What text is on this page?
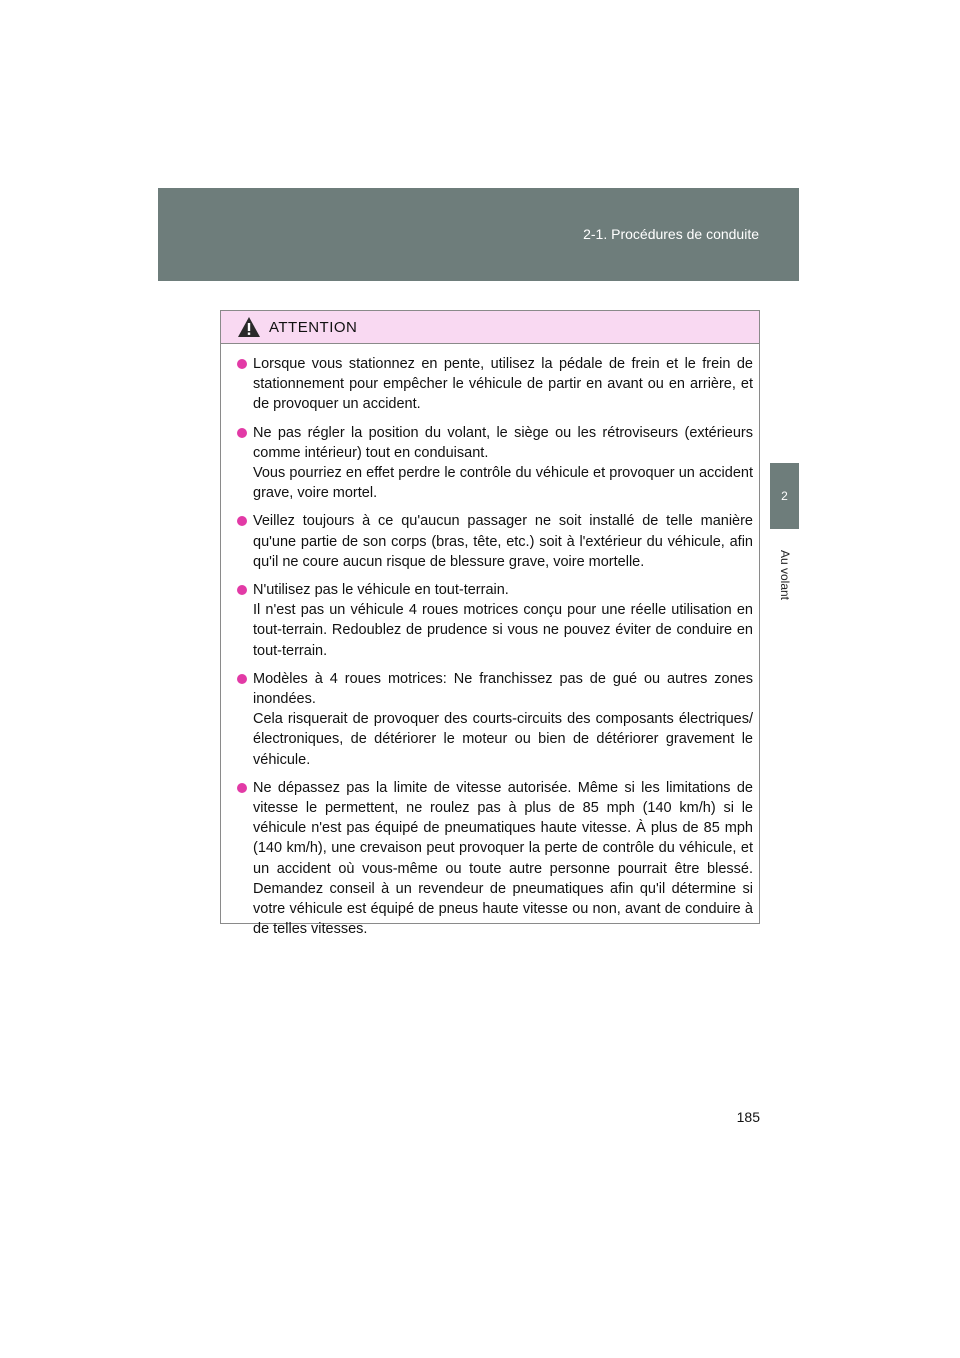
2-1. Procédures de conduite
2
Au volant
ATTENTION
Lorsque vous stationnez en pente, utilisez la pédale de frein et le frein de stationnement pour empêcher le véhicule de partir en avant ou en arrière, et de provoquer un accident.
Ne pas régler la position du volant, le siège ou les rétroviseurs (extérieurs comme intérieur) tout en conduisant.
Vous pourriez en effet perdre le contrôle du véhicule et provoquer un accident grave, voire mortel.
Veillez toujours à ce qu'aucun passager ne soit installé de telle manière qu'une partie de son corps (bras, tête, etc.) soit à l'extérieur du véhicule, afin qu'il ne coure aucun risque de blessure grave, voire mortelle.
N'utilisez pas le véhicule en tout-terrain.
Il n'est pas un véhicule 4 roues motrices conçu pour une réelle utilisation en tout-terrain. Redoublez de prudence si vous ne pouvez éviter de conduire en tout-terrain.
Modèles à 4 roues motrices: Ne franchissez pas de gué ou autres zones inondées.
Cela risquerait de provoquer des courts-circuits des composants électriques/électroniques, de détériorer le moteur ou bien de détériorer gravement le véhicule.
Ne dépassez pas la limite de vitesse autorisée. Même si les limitations de vitesse le permettent, ne roulez pas à plus de 85 mph (140 km/h) si le véhicule n'est pas équipé de pneumatiques haute vitesse. À plus de 85 mph (140 km/h), une crevaison peut provoquer la perte de contrôle du véhicule, et un accident où vous-même ou toute autre personne pourrait être blessé. Demandez conseil à un revendeur de pneumatiques afin qu'il détermine si votre véhicule est équipé de pneus haute vitesse ou non, avant de conduire à de telles vitesses.
185
